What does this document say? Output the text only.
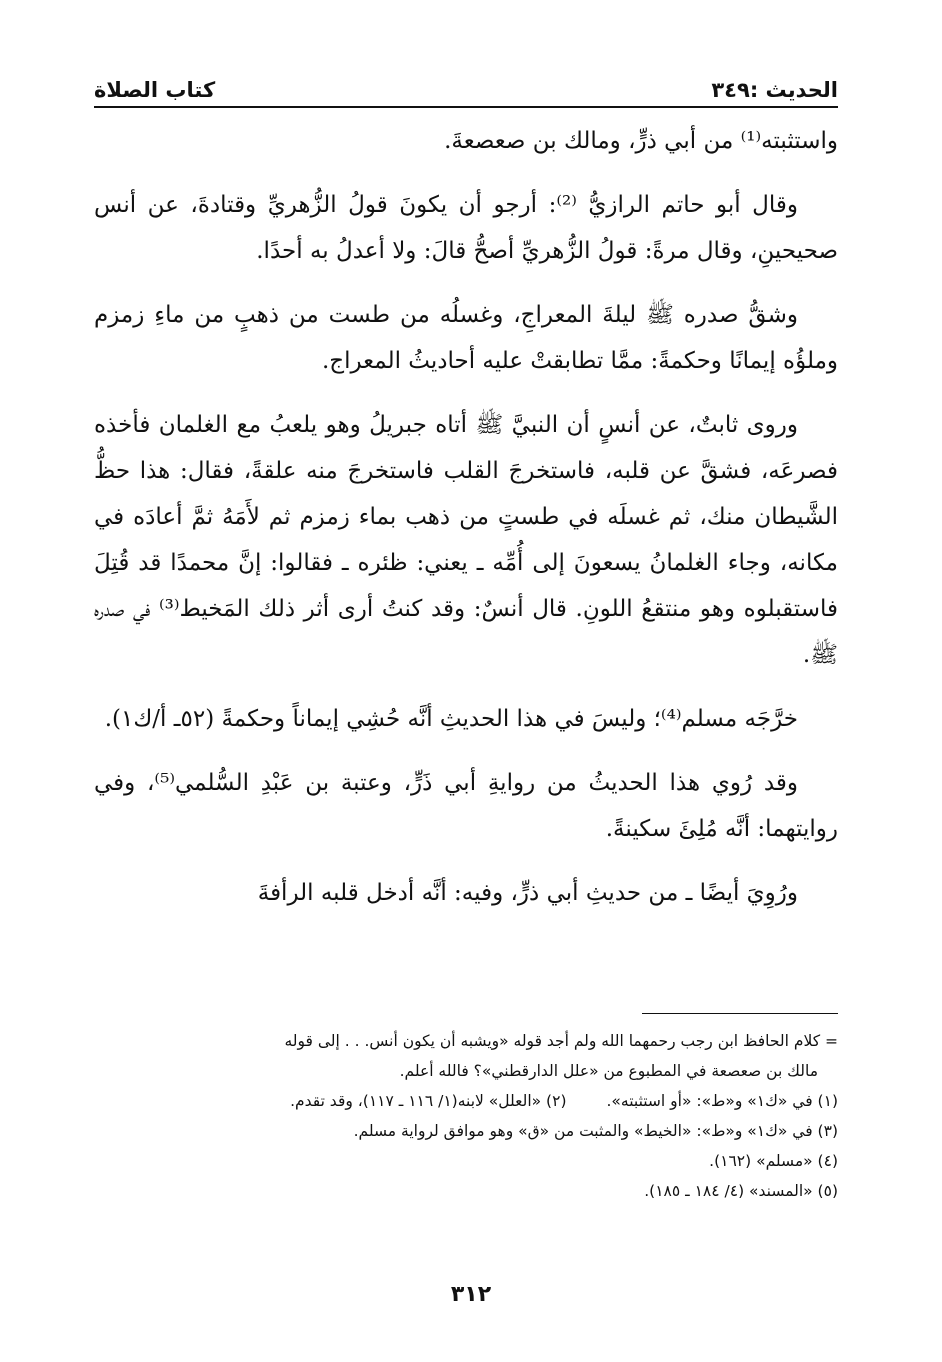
الحديث :٣٤٩
كتاب الصلاة

واستثبته⁽¹⁾ من أبي ذرٍّ، ومالك بن صعصعةَ.

وقال أبو حاتم الرازيُّ ⁽²⁾: أرجو أن يكونَ قولُ الزُّهريِّ وقتادةَ، عن أنس صحيحينِ، وقال مرةً: قولُ الزُّهريِّ أصحُّ قالَ: ولا أعدلُ به أحدًا.

وشقُّ صدره ﷺ ليلةَ المعراجِ، وغسلُه من طست من ذهبٍ من ماءِ زمزم وملؤُه إيمانًا وحكمةً: ممَّا تطابقتْ عليه أحاديثُ المعراج.

وروى ثابتٌ، عن أنسٍ أن النبيَّ ﷺ أتاه جبريلُ وهو يلعبُ مع الغلمان فأخذه فصرعَه، فشقَّ عن قلبه، فاستخرجَ القلب فاستخرجَ منه علقةً، فقال: هذا حظُّ الشَّيطان منك، ثم غسلَه في طستٍ من ذهب بماء زمزم ثم لأَمَهُ ثمَّ أعادَه في مكانه، وجاء الغلمانُ يسعونَ إلى أُمِّه ـ يعني: ظئره ـ فقالوا: إنَّ محمدًا قد قُتِلَ فاستقبلوه وهو منتقعُ اللونِ. قال أنسٌ: وقد كنتُ أرى أثر ذلك المَخيط⁽³⁾ في صدره ﷺ.

خرَّجَه مسلم⁽⁴⁾؛ وليسَ في هذا الحديثِ أنَّه حُشِي إيماناً وحكمةً (٥٢ـ أ/ك١).

وقد رُوي هذا الحديثُ من روايةِ أبي ذَرٍّ، وعتبة بن عَبْدِ السُّلمي⁽⁵⁾، وفي روايتهما: أنَّه مُلِئَ سكينةً.

ورُوِيَ أيضًا ـ من حديثِ أبي ذرٍّ، وفيه: أنَّه أدخل قلبه الرأفةَ

= كلام الحافظ ابن رجب رحمهما الله ولم أجد قوله «ويشبه أن يكون أنس. . . إلى قوله
مالك بن صعصعة في المطبوع من «علل الدارقطني»؟ فالله أعلم.
(١) في «ك١» و«ط»: «أو استثبته».(٢) «العلل» لابنه(١/ ١١٦ ـ ١١٧)، وقد تقدم.
(٣) في «ك١» و«ط»: «الخيط» والمثبت من «ق» وهو موافق لرواية مسلم.
(٤) «مسلم» (١٦٢).
(٥) «المسند» (٤/ ١٨٤ ـ ١٨٥).
٣١٢
